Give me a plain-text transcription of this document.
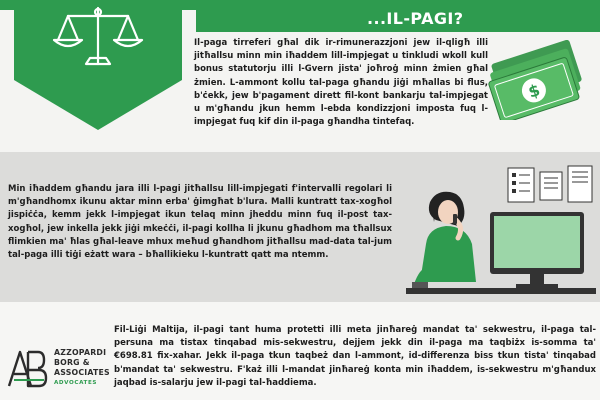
...IL-PAGI?

Il-paga tirreferi għal dik ir-rimunerazzjoni jew il-qligħ illi jitħallsu minn min iħaddem lill-impjegat u tinkludi wkoll kull bonus statutorju illi l-Gvern jista' joħroġ minn żmien għal żmien. L-ammont kollu tal-paga għandu jiġi mħallas bi flus, b'ċekk, jew b'pagament dirett fil-kont bankarju tal-impjegat u m'għandu jkun hemm l-ebda kondizzjoni imposta fuq l-impjegat fuq kif din il-paga għandha tintefaq.

$

Min iħaddem għandu jara illi l-pagi jitħallsu lill-impjegati f'intervalli regolari li m'għandhomx ikunu aktar minn erba' ġimgħat b'lura. Malli kuntratt tax-xogħol jispiċċa, kemm jekk l-impjegat ikun telaq minn jheddu minn fuq il-post tax-xogħol, jew inkella jekk jiġi mkeċċi, il-pagi kollha li jkunu għadhom ma tħallsux flimkien ma' ħlas għal-leave mhux meħud għandhom jitħallsu mad-data tal-jum tal-paga illi tiġi eżatt wara – bħallikieku l-kuntratt qatt ma ntemm.

AZZOPARDI
BORG &
ASSOCIATES
ADVOCATES

Fil-Liġi Maltija, il-pagi tant huma protetti illi meta jinħareġ mandat ta' sekwestru, il-paga tal-persuna ma tistax tinqabad mis-sekwestru, dejjem jekk din il-paga ma taqbiżx is-somma ta' €698.81 fix-xahar. Jekk il-paga tkun taqbeż dan l-ammont, id-differenza biss tkun tista' tinqabad b'mandat ta' sekwestru. F'każ illi l-mandat jinħareġ konta min iħaddem, is-sekwestru m'għandux jaqbad is-salarju jew il-pagi tal-ħaddiema.
